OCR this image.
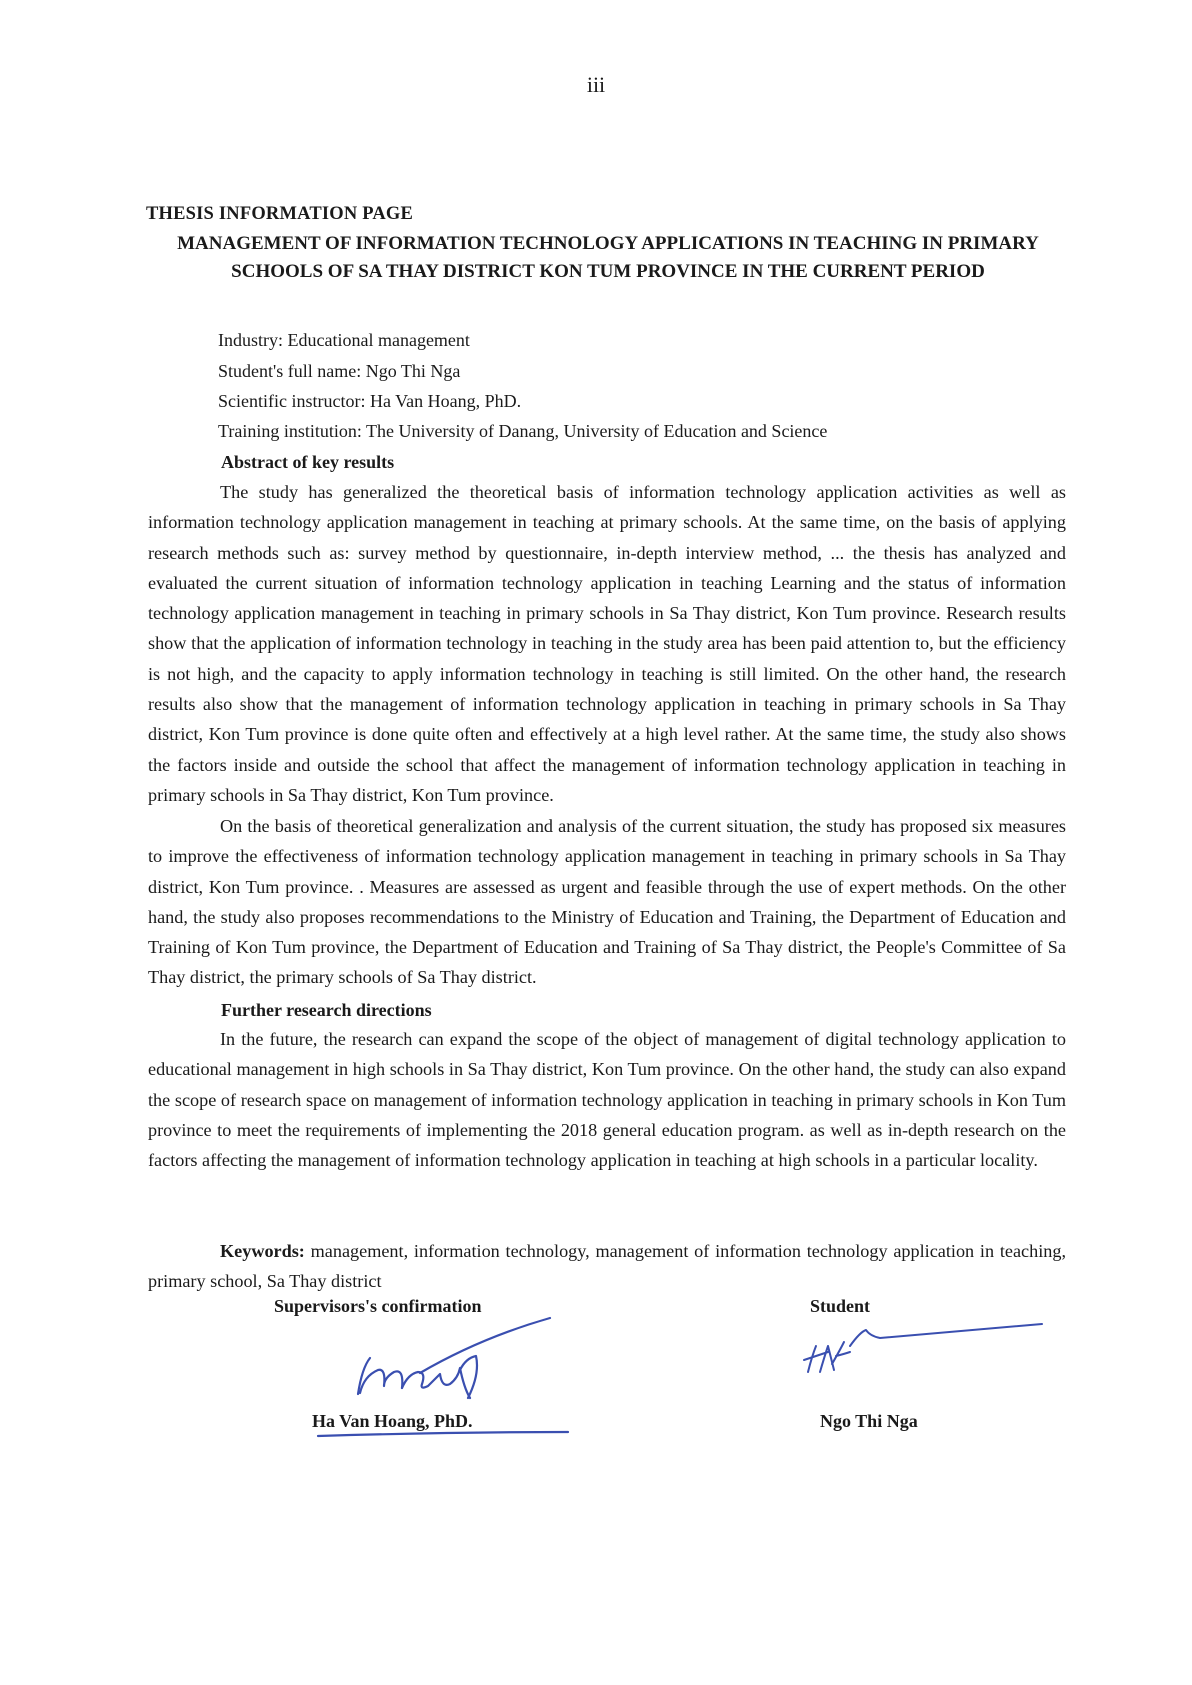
iii
THESIS INFORMATION PAGE
MANAGEMENT OF INFORMATION TECHNOLOGY APPLICATIONS IN TEACHING IN PRIMARY SCHOOLS OF SA THAY DISTRICT KON TUM PROVINCE IN THE CURRENT PERIOD
Industry: Educational management
Student's full name: Ngo Thi Nga
Scientific instructor: Ha Van Hoang, PhD.
Training institution: The University of Danang, University of Education and Science
Abstract of key results

The study has generalized the theoretical basis of information technology application activities as well as information technology application management in teaching at primary schools. At the same time, on the basis of applying research methods such as: survey method by questionnaire, in-depth interview method, ... the thesis has analyzed and evaluated the current situation of information technology application in teaching Learning and the status of information technology application management in teaching in primary schools in Sa Thay district, Kon Tum province. Research results show that the application of information technology in teaching in the study area has been paid attention to, but the efficiency is not high, and the capacity to apply information technology in teaching is still limited. On the other hand, the research results also show that the management of information technology application in teaching in primary schools in Sa Thay district, Kon Tum province is done quite often and effectively at a high level rather. At the same time, the study also shows the factors inside and outside the school that affect the management of information technology application in teaching in primary schools in Sa Thay district, Kon Tum province.

On the basis of theoretical generalization and analysis of the current situation, the study has proposed six measures to improve the effectiveness of information technology application management in teaching in primary schools in Sa Thay district, Kon Tum province. . Measures are assessed as urgent and feasible through the use of expert methods. On the other hand, the study also proposes recommendations to the Ministry of Education and Training, the Department of Education and Training of Kon Tum province, the Department of Education and Training of Sa Thay district, the People's Committee of Sa Thay district, the primary schools of Sa Thay district.

Further research directions

In the future, the research can expand the scope of the object of management of digital technology application to educational management in high schools in Sa Thay district, Kon Tum province. On the other hand, the study can also expand the scope of research space on management of information technology application in teaching in primary schools in Kon Tum province to meet the requirements of implementing the 2018 general education program. as well as in-depth research on the factors affecting the management of information technology application in teaching at high schools in a particular locality.

Keywords: management, information technology, management of information technology application in teaching, primary school, Sa Thay district

Supervisors's confirmation	Student
Ha Van Hoang, PhD.	Ngo Thi Nga
